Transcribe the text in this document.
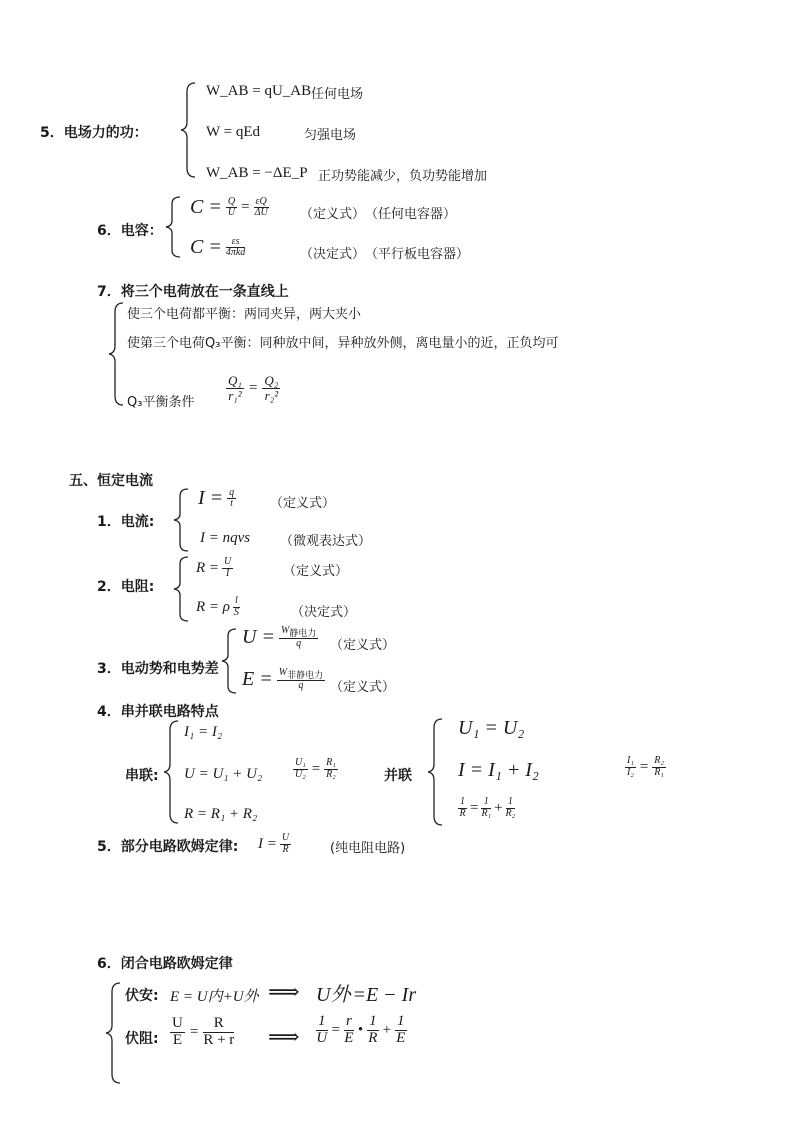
5．电场力的功：
W_AB = qU_AB 任何电场
W = qEd	匀强电场
W_AB = −ΔE_P 正功势能减少，负功势能增加
6．电容：
$C = \frac{Q}{U} = \frac{\varepsilon Q}{\Delta U}$ （定义式）　（任何电容器）
$C = \frac{\varepsilon s}{\text{4πkd}}$	（决定式）　（平行板电容器）
7．将三个电荷放在一条直线上
使三个电荷都平衡：两同夹异，两大夹小
使第三个电荷Q₃平衡：同种放中间，异种放外侧，离电量小的近，正负均可
Q₃平衡条件
$\frac{\text{Q₁}}{\text{r₁²}} = \frac{\text{Q₂}}{\text{r₂²}}$
五、恒定电流
1．电流:
$I = \frac{q}{t}$	（定义式）
I = nqvs （微观表达式）
2．电阻:
$R = \frac{U}{I}$	（定义式）
R = ρ $\frac{l}{S}$	（决定式）
3．电动势和电势差
$U = \frac{W_{静电力}}{q}$ （定义式）
$E = \frac{W_{非静电力}}{q}$ （定义式）
4．串并联电路特点
串联:
I₁ = I₂
U = U₁ + U₂	$\frac{\text{U₁}}{\text{U₂}} = \frac{\text{R₁}}{\text{R₂}}$
R = R₁ + R₂
并联
U₁ = U₂
I = I₁ + I₂
$\frac{1}{R} = \frac{1}{\text{R₁}} + \frac{1}{\text{R₂}}$
$\frac{\text{I₁}}{\text{I₂}} = \frac{\text{R₂}}{\text{R₁}}$
5．部分电路欧姆定律: $I = \frac{U}{R}$	(纯电阻电路)
6．闭合电路欧姆定律
伏安: E = U内+U外 ⟹ U外 =E − Ir
伏阻: $\frac{U}{E} = \frac{R}{R + r}$ ⟹ $\frac{1}{U} = \frac{r}{E}$ • $\frac{1}{R} + \frac{1}{E}$
